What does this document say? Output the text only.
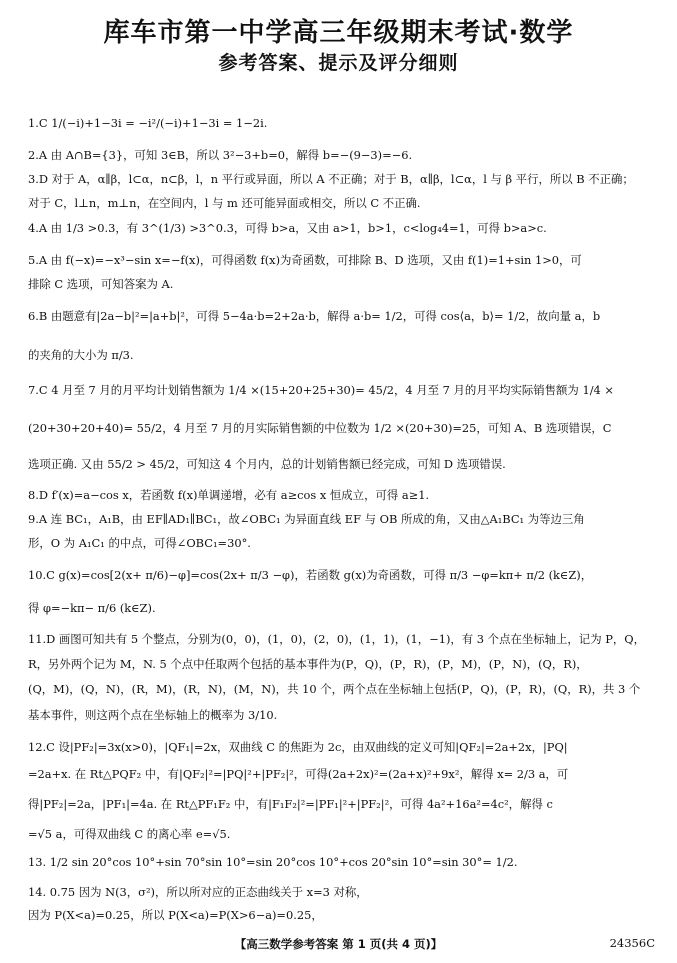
库车市第一中学高三年级期末考试·数学
参考答案、提示及评分细则
1.C 1/(−i)+1−3i = −i²/(−i)+1−3i = 1−2i.
2.A 由 A∩B={3}，可知 3∈B，所以 3²−3+b=0，解得 b=−(9−3)=−6.
3.D 对于 A，α∥β，l⊂α，n⊂β，l，n 平行或异面，所以 A 不正确；对于 B，α∥β，l⊂α，l 与 β 平行，所以 B 不正确；
对于 C，l⊥n，m⊥n，在空间内，l 与 m 还可能异面或相交，所以 C 不正确.
4.A 由 1/3 >0.3，有 3^(1/3) >3^0.3，可得 b>a，又由 a>1，b>1，c<log₄4=1，可得 b>a>c.
5.A 由 f(−x)=−x³−sin x=−f(x)，可得函数 f(x)为奇函数，可排除 B、D 选项，又由 f(1)=1+sin 1>0，可
排除 C 选项，可知答案为 A.
6.B 由题意有|2a−b|²=|a+b|²，可得 5−4a·b=2+2a·b，解得 a·b= 1/2，可得 cos⟨a，b⟩= 1/2，故向量 a，b
的夹角的大小为 π/3.
7.C 4 月至 7 月的月平均计划销售额为 1/4 ×(15+20+25+30)= 45/2，4 月至 7 月的月平均实际销售额为 1/4 ×
(20+30+20+40)= 55/2，4 月至 7 月的月实际销售额的中位数为 1/2 ×(20+30)=25，可知 A、B 选项错误，C
选项正确. 又由 55/2 > 45/2，可知这 4 个月内，总的计划销售额已经完成，可知 D 选项错误.
8.D f′(x)=a−cos x，若函数 f(x)单调递增，必有 a≥cos x 恒成立，可得 a≥1.
9.A 连 BC₁，A₁B，由 EF∥AD₁∥BC₁，故∠OBC₁ 为异面直线 EF 与 OB 所成的角，又由△A₁BC₁ 为等边三角
形，O 为 A₁C₁ 的中点，可得∠OBC₁=30°.
10.C g(x)=cos[2(x+ π/6)−φ]=cos(2x+ π/3 −φ)，若函数 g(x)为奇函数，可得 π/3 −φ=kπ+ π/2 (k∈Z)，
得 φ=−kπ− π/6 (k∈Z).
11.D 画图可知共有 5 个整点，分别为(0，0)，(1，0)，(2，0)，(1，1)，(1，−1)，有 3 个点在坐标轴上，记为 P，Q，
R，另外两个记为 M，N. 5 个点中任取两个包括的基本事件为(P，Q)，(P，R)，(P，M)，(P，N)，(Q，R)，
(Q，M)，(Q，N)，(R，M)，(R，N)，(M，N)，共 10 个，两个点在坐标轴上包括(P，Q)，(P，R)，(Q，R)，共 3 个
基本事件，则这两个点在坐标轴上的概率为 3/10.
12.C 设|PF₂|=3x(x>0)，|QF₁|=2x，双曲线 C 的焦距为 2c，由双曲线的定义可知|QF₂|=2a+2x，|PQ|
=2a+x. 在 Rt△PQF₂ 中，有|QF₂|²=|PQ|²+|PF₂|²，可得(2a+2x)²=(2a+x)²+9x²，解得 x= 2/3 a，可
得|PF₂|=2a，|PF₁|=4a. 在 Rt△PF₁F₂ 中，有|F₁F₂|²=|PF₁|²+|PF₂|²，可得 4a²+16a²=4c²，解得 c
=√5 a，可得双曲线 C 的离心率 e=√5.
13. 1/2 sin 20°cos 10°+sin 70°sin 10°=sin 20°cos 10°+cos 20°sin 10°=sin 30°= 1/2.
14. 0.75 因为 N(3，σ²)，所以所对应的正态曲线关于 x=3 对称，
因为 P(X<a)=0.25，所以 P(X<a)=P(X>6−a)=0.25，
【高三数学参考答案 第 1 页(共 4 页)】	24356C
